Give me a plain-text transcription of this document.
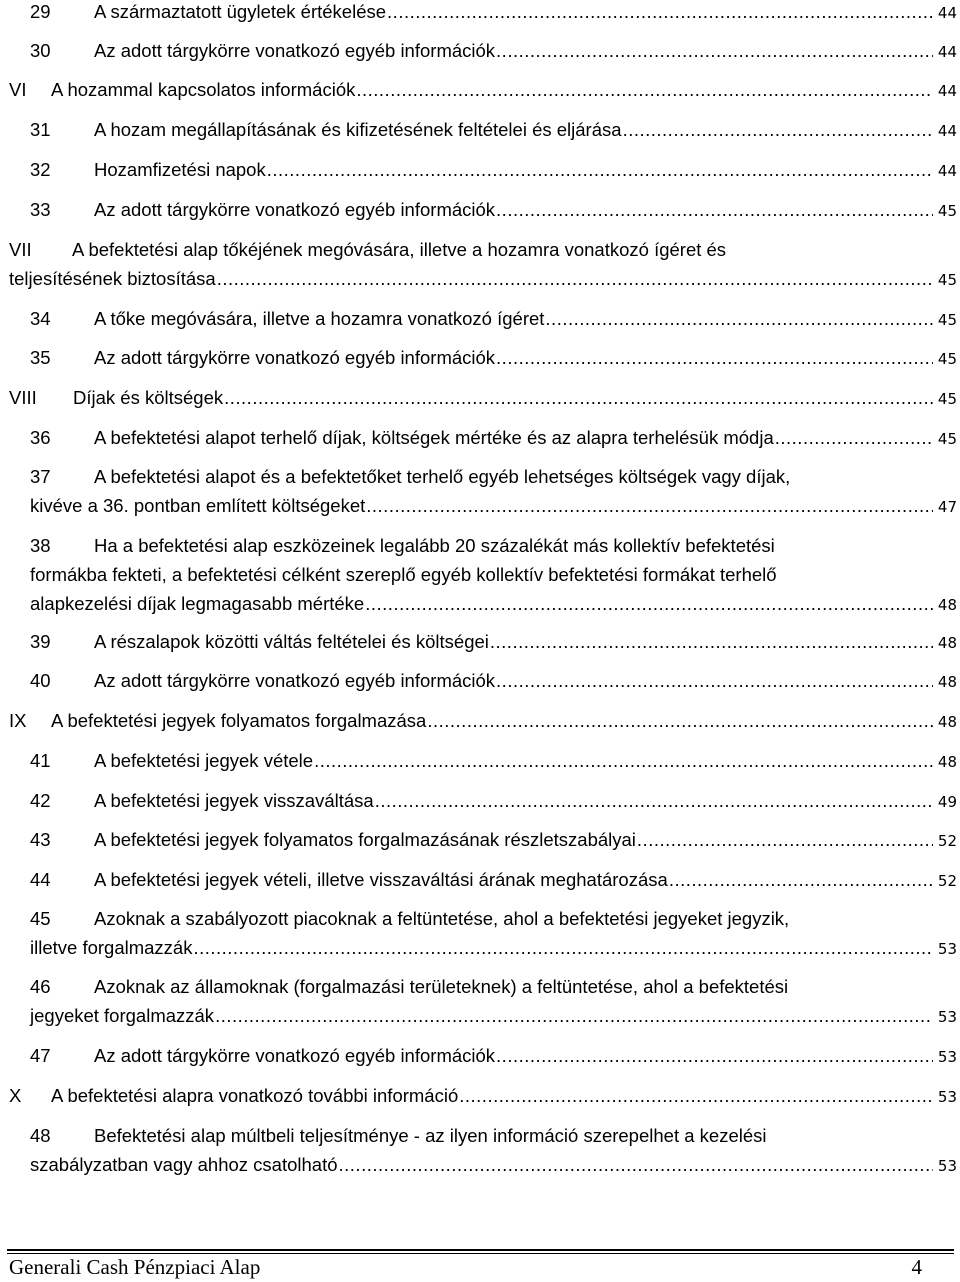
29	A származtatott ügyletek értékelése .....	44
30	Az adott tárgykörre vonatkozó egyéb információk .....	44
VI	A hozammal kapcsolatos információk .....	44
31	A hozam megállapításának és kifizetésének feltételei és eljárása .....	44
32	Hozamfizetési napok .....	44
33	Az adott tárgykörre vonatkozó egyéb információk .....	45
VII A befektetési alap tőkéjének megóvására, illetve a hozamra vonatkozó ígéret és
teljesítésének biztosítása .....	45
34	A tőke megóvására, illetve a hozamra vonatkozó ígéret .....	45
35	Az adott tárgykörre vonatkozó egyéb információk .....	45
VIII	Díjak és költségek .....	45
36	A befektetési alapot terhelő díjak, költségek mértéke és az alapra terhelésük módja .....	45
37 A befektetési alapot és a befektetőket terhelő egyéb lehetséges költségek vagy díjak,
kivéve a 36. pontban említett költségeket .....	47
38 Ha a befektetési alap eszközeinek legalább 20 százalékát más kollektív befektetési
formákba fekteti, a befektetési célként szereplő egyéb kollektív befektetési formákat terhelő
alapkezelési díjak legmagasabb mértéke .....	48
39	A részalapok közötti váltás feltételei és költségei .....	48
40	Az adott tárgykörre vonatkozó egyéb információk .....	48
IX	A befektetési jegyek folyamatos forgalmazása .....	48
41	A befektetési jegyek vétele .....	48
42	A befektetési jegyek visszaváltása .....	49
43	A befektetési jegyek folyamatos forgalmazásának részletszabályai .....	52
44	A befektetési jegyek vételi, illetve visszaváltási árának meghatározása .....	52
45 Azoknak a szabályozott piacoknak a feltüntetése, ahol a befektetési jegyeket jegyzik,
illetve forgalmazzák .....	53
46 Azoknak az államoknak (forgalmazási területeknek) a feltüntetése, ahol a befektetési
jegyeket forgalmazzák .....	53
47	Az adott tárgykörre vonatkozó egyéb információk .....	53
X	A befektetési alapra vonatkozó további információ .....	53
48 Befektetési alap múltbeli teljesítménye - az ilyen információ szerepelhet a kezelési
szabályzatban vagy ahhoz csatolható .....	53
Generali Cash Pénzpiaci Alap	4
